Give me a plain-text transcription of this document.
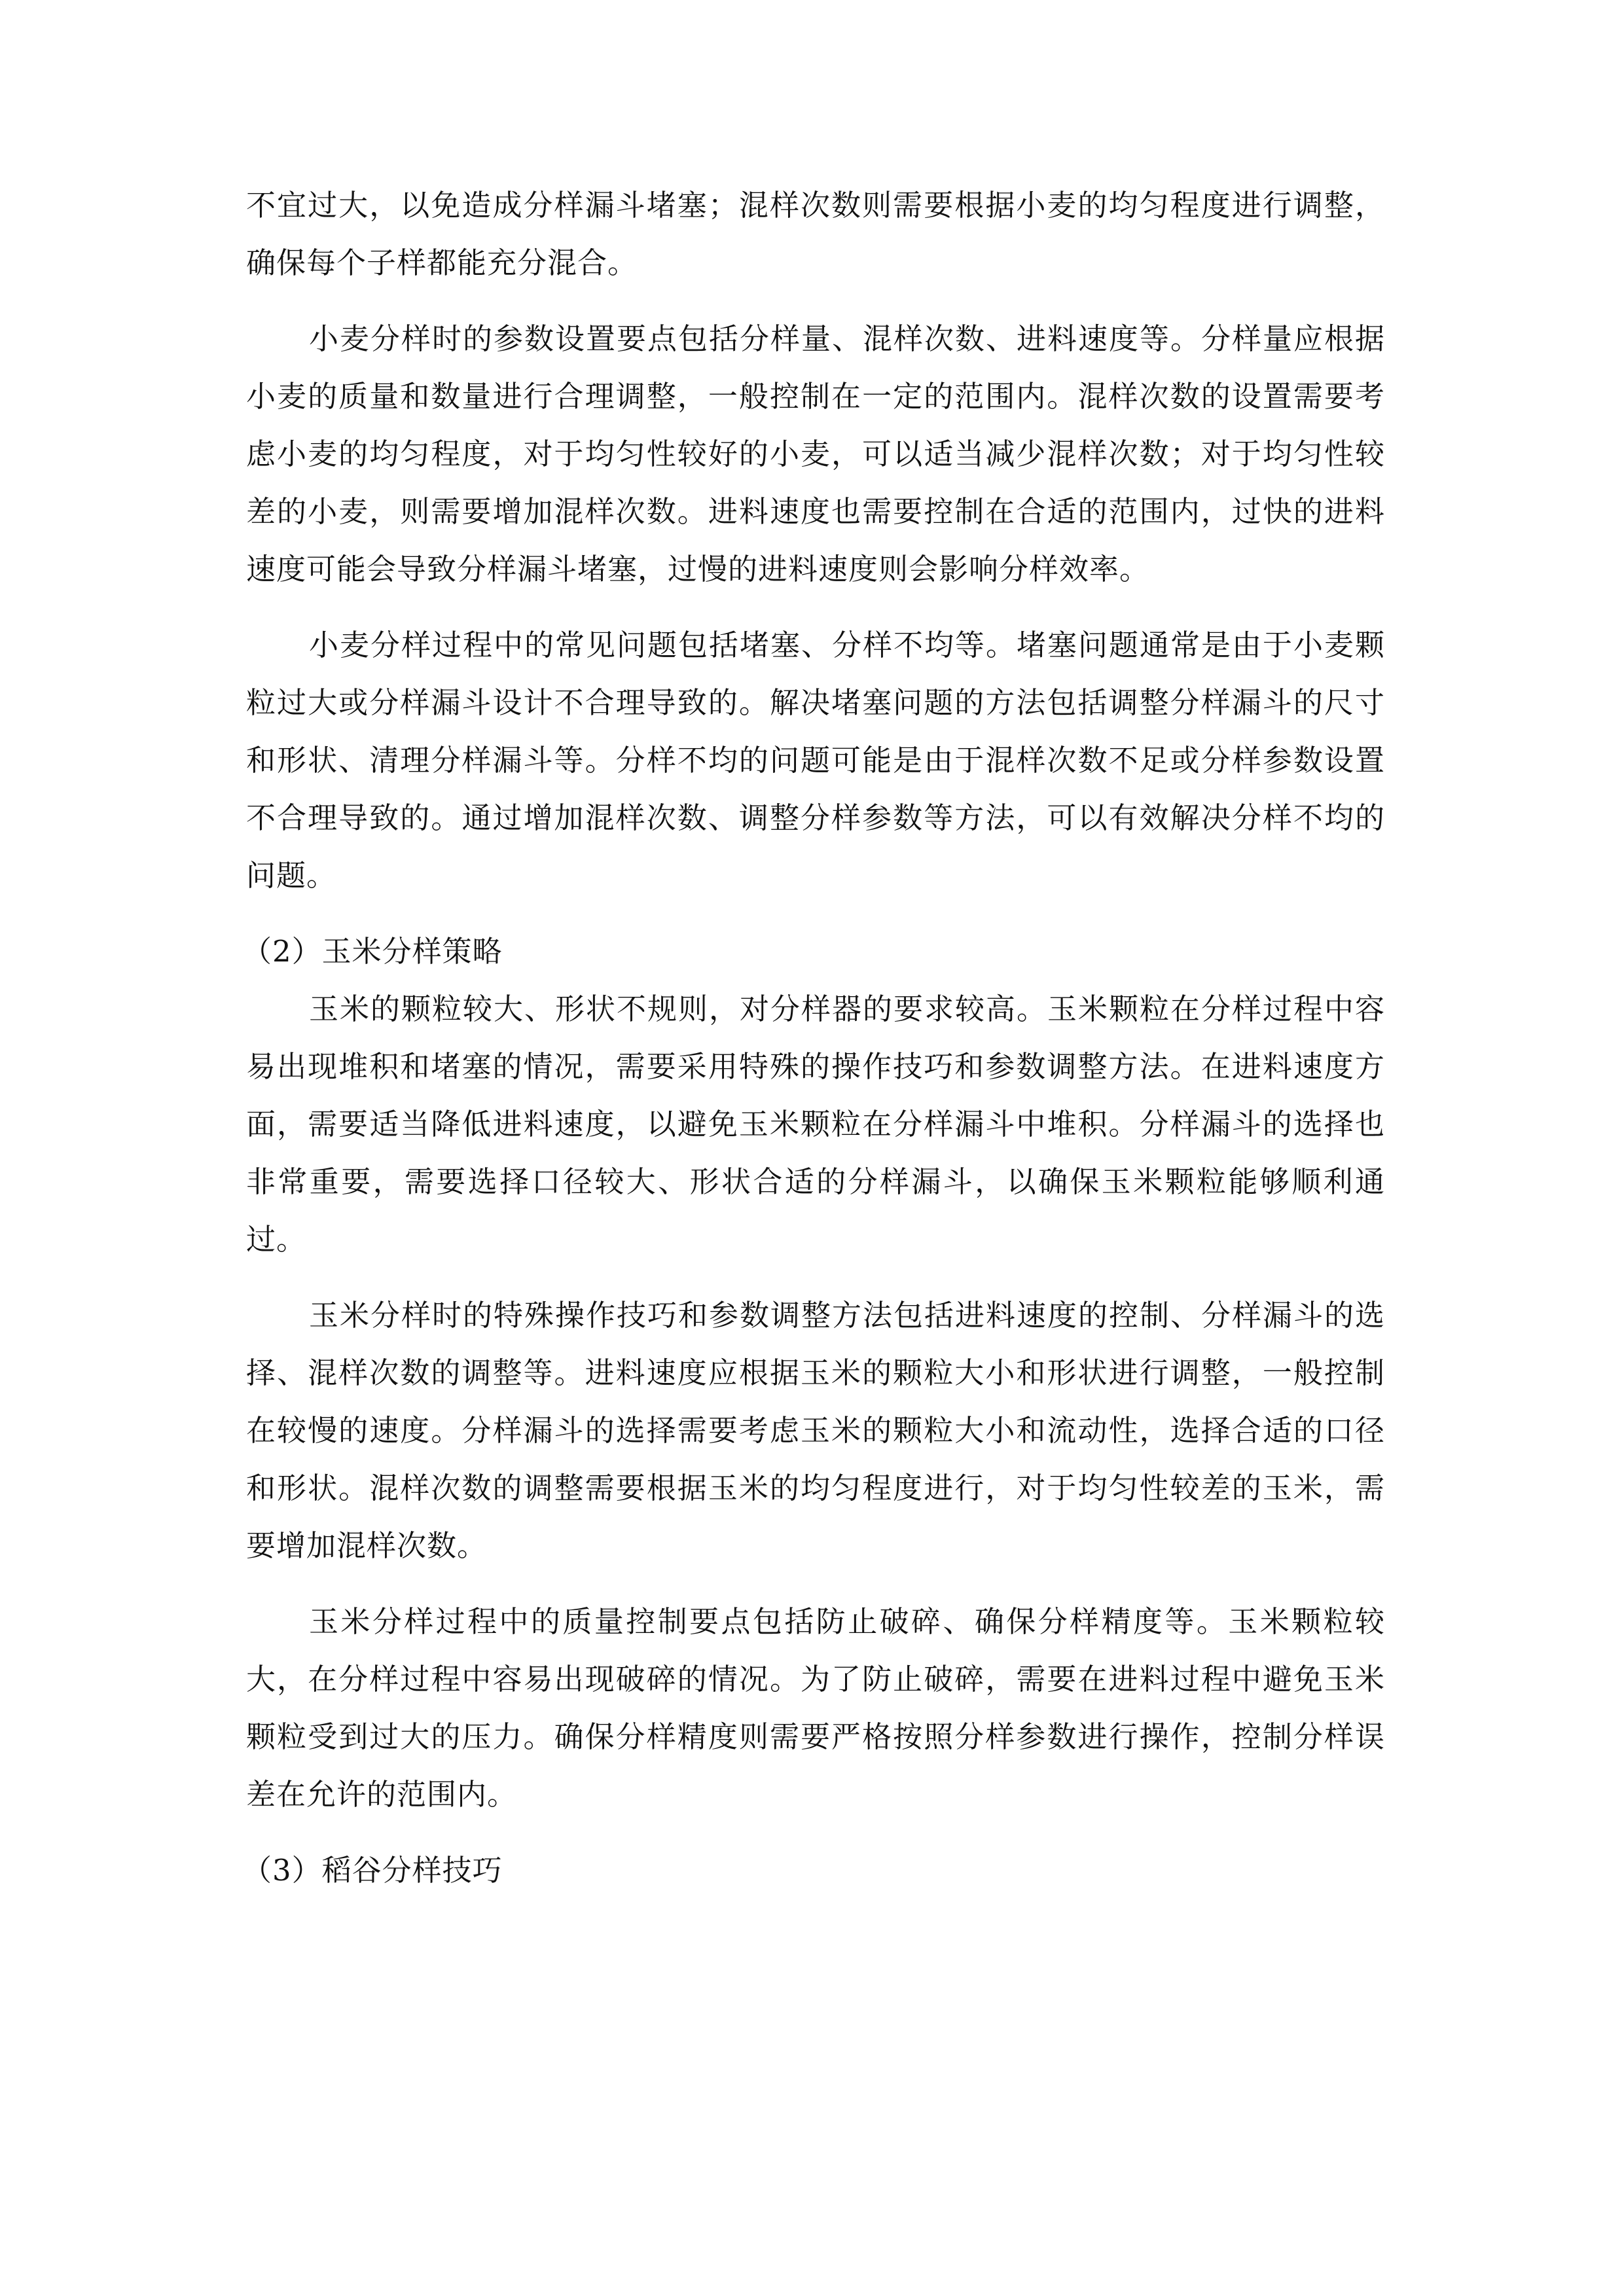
不宜过大，以免造成分样漏斗堵塞；混样次数则需要根据小麦的均匀程度进行调整，确保每个子样都能充分混合。

小麦分样时的参数设置要点包括分样量、混样次数、进料速度等。分样量应根据小麦的质量和数量进行合理调整，一般控制在一定的范围内。混样次数的设置需要考虑小麦的均匀程度，对于均匀性较好的小麦，可以适当减少混样次数；对于均匀性较差的小麦，则需要增加混样次数。进料速度也需要控制在合适的范围内，过快的进料速度可能会导致分样漏斗堵塞，过慢的进料速度则会影响分样效率。

小麦分样过程中的常见问题包括堵塞、分样不均等。堵塞问题通常是由于小麦颗粒过大或分样漏斗设计不合理导致的。解决堵塞问题的方法包括调整分样漏斗的尺寸和形状、清理分样漏斗等。分样不均的问题可能是由于混样次数不足或分样参数设置不合理导致的。通过增加混样次数、调整分样参数等方法，可以有效解决分样不均的问题。

（2）玉米分样策略

玉米的颗粒较大、形状不规则，对分样器的要求较高。玉米颗粒在分样过程中容易出现堆积和堵塞的情况，需要采用特殊的操作技巧和参数调整方法。在进料速度方面，需要适当降低进料速度，以避免玉米颗粒在分样漏斗中堆积。分样漏斗的选择也非常重要，需要选择口径较大、形状合适的分样漏斗，以确保玉米颗粒能够顺利通过。

玉米分样时的特殊操作技巧和参数调整方法包括进料速度的控制、分样漏斗的选择、混样次数的调整等。进料速度应根据玉米的颗粒大小和形状进行调整，一般控制在较慢的速度。分样漏斗的选择需要考虑玉米的颗粒大小和流动性，选择合适的口径和形状。混样次数的调整需要根据玉米的均匀程度进行，对于均匀性较差的玉米，需要增加混样次数。

玉米分样过程中的质量控制要点包括防止破碎、确保分样精度等。玉米颗粒较大，在分样过程中容易出现破碎的情况。为了防止破碎，需要在进料过程中避免玉米颗粒受到过大的压力。确保分样精度则需要严格按照分样参数进行操作，控制分样误差在允许的范围内。

（3）稻谷分样技巧
